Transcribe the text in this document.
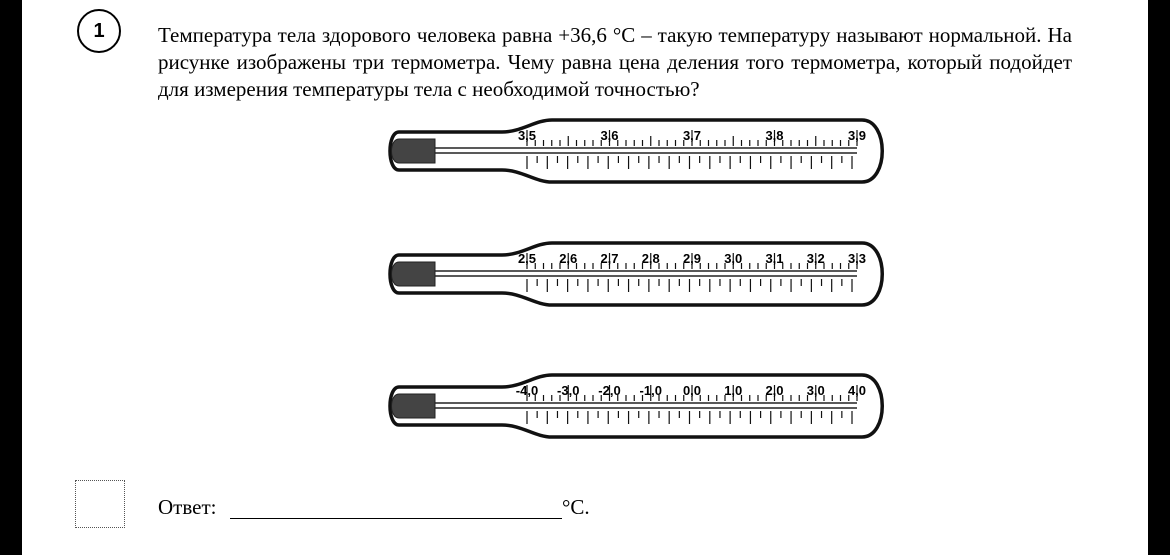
1	Температура тела здорового человека равна +36,6 °С – такую температуру называют нормальной. На рисунке изображены три термометра. Чему равна цена деления того термометра, который подойдет для измерения температуры тела с необходимой точностью?
3,5	3,6	3,7	3,8	3,9
2,5 2,6 2,7 2,8 2,9 3,0 3,1 3,2 3,3
-4,0 -3,0 -2,0 -1,0 0,0 1,0 2,0 3,0 4,0
Ответ:	°С.
